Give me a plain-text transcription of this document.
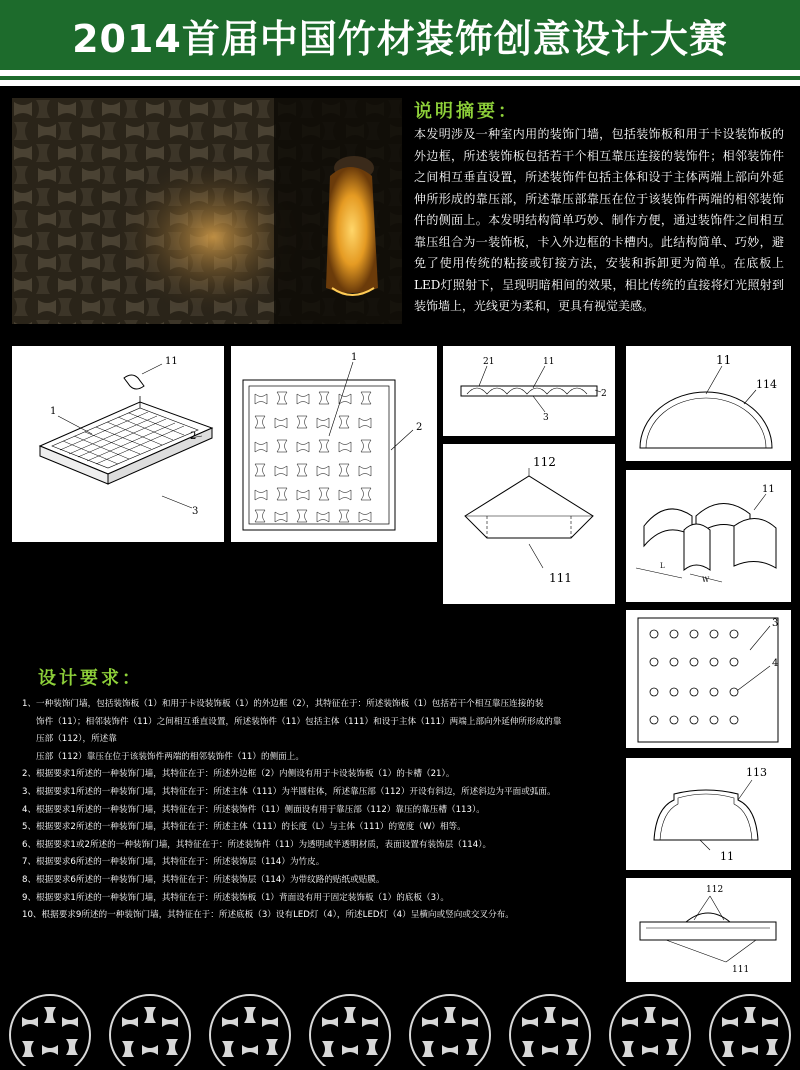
2014首届中国竹材装饰创意设计大赛
说明摘要：
本发明涉及一种室内用的装饰门墙，包括装饰板和用于卡设装饰板的外边框，所述装饰板包括若干个相互靠压连接的装饰件；相邻装饰件之间相互垂直设置，所述装饰件包括主体和设于主体两端上部向外延伸所形成的靠压部，所述靠压部靠压在位于该装饰件两端的相邻装饰件的侧面上。本发明结构简单巧妙、制作方便，通过装饰件之间相互靠压组合为一装饰板，卡入外边框的卡槽内。此结构简单、巧妙，避免了使用传统的粘接或钉接方法，安装和拆卸更为简单。在底板上LED灯照射下，呈现明暗相间的效果，相比传统的直接将灯光照射到装饰墙上，光线更为柔和，更具有视觉美感。
11
1
2
3
1
2
21	11
2
3
11
114
112
111
L
W
11
3
4
113
11
112
111
设计要求：
1、一种装饰门墙，包括装饰板（1）和用于卡设装饰板（1）的外边框（2），其特征在于：所述装饰板（1）包括若干个相互靠压连接的装
饰件（11）；相邻装饰件（11）之间相互垂直设置，所述装饰件（11）包括主体（111）和设于主体（111）两端上部向外延伸所形成的靠
压部（112），所述靠
压部（112）靠压在位于该装饰件两端的相邻装饰件（11）的侧面上。
2、根据要求1所述的一种装饰门墙，其特征在于：所述外边框（2）内侧设有用于卡设装饰板（1）的卡槽（21）。
3、根据要求1所述的一种装饰门墙，其特征在于：所述主体（111）为半圆柱体，所述靠压部（112）开设有斜边，所述斜边为平面或弧面。
4、根据要求1所述的一种装饰门墙，其特征在于：所述装饰件（11）侧面设有用于靠压部（112）靠压的靠压槽（113）。
5、根据要求2所述的一种装饰门墙，其特征在于：所述主体（111）的长度（L）与主体（111）的宽度（W）相等。
6、根据要求1或2所述的一种装饰门墙，其特征在于：所述装饰件（11）为透明或半透明材质，表面设置有装饰层（114）。
7、根据要求6所述的一种装饰门墙，其特征在于：所述装饰层（114）为竹皮。
8、根据要求6所述的一种装饰门墙，其特征在于：所述装饰层（114）为带纹路的贴纸或贴膜。
9、根据要求1所述的一种装饰门墙，其特征在于：所述装饰板（1）背面设有用于固定装饰板（1）的底板（3）。
10、根据要求9所述的一种装饰门墙，其特征在于：所述底板（3）设有LED灯（4），所述LED灯（4）呈横向或竖向或交叉分布。
